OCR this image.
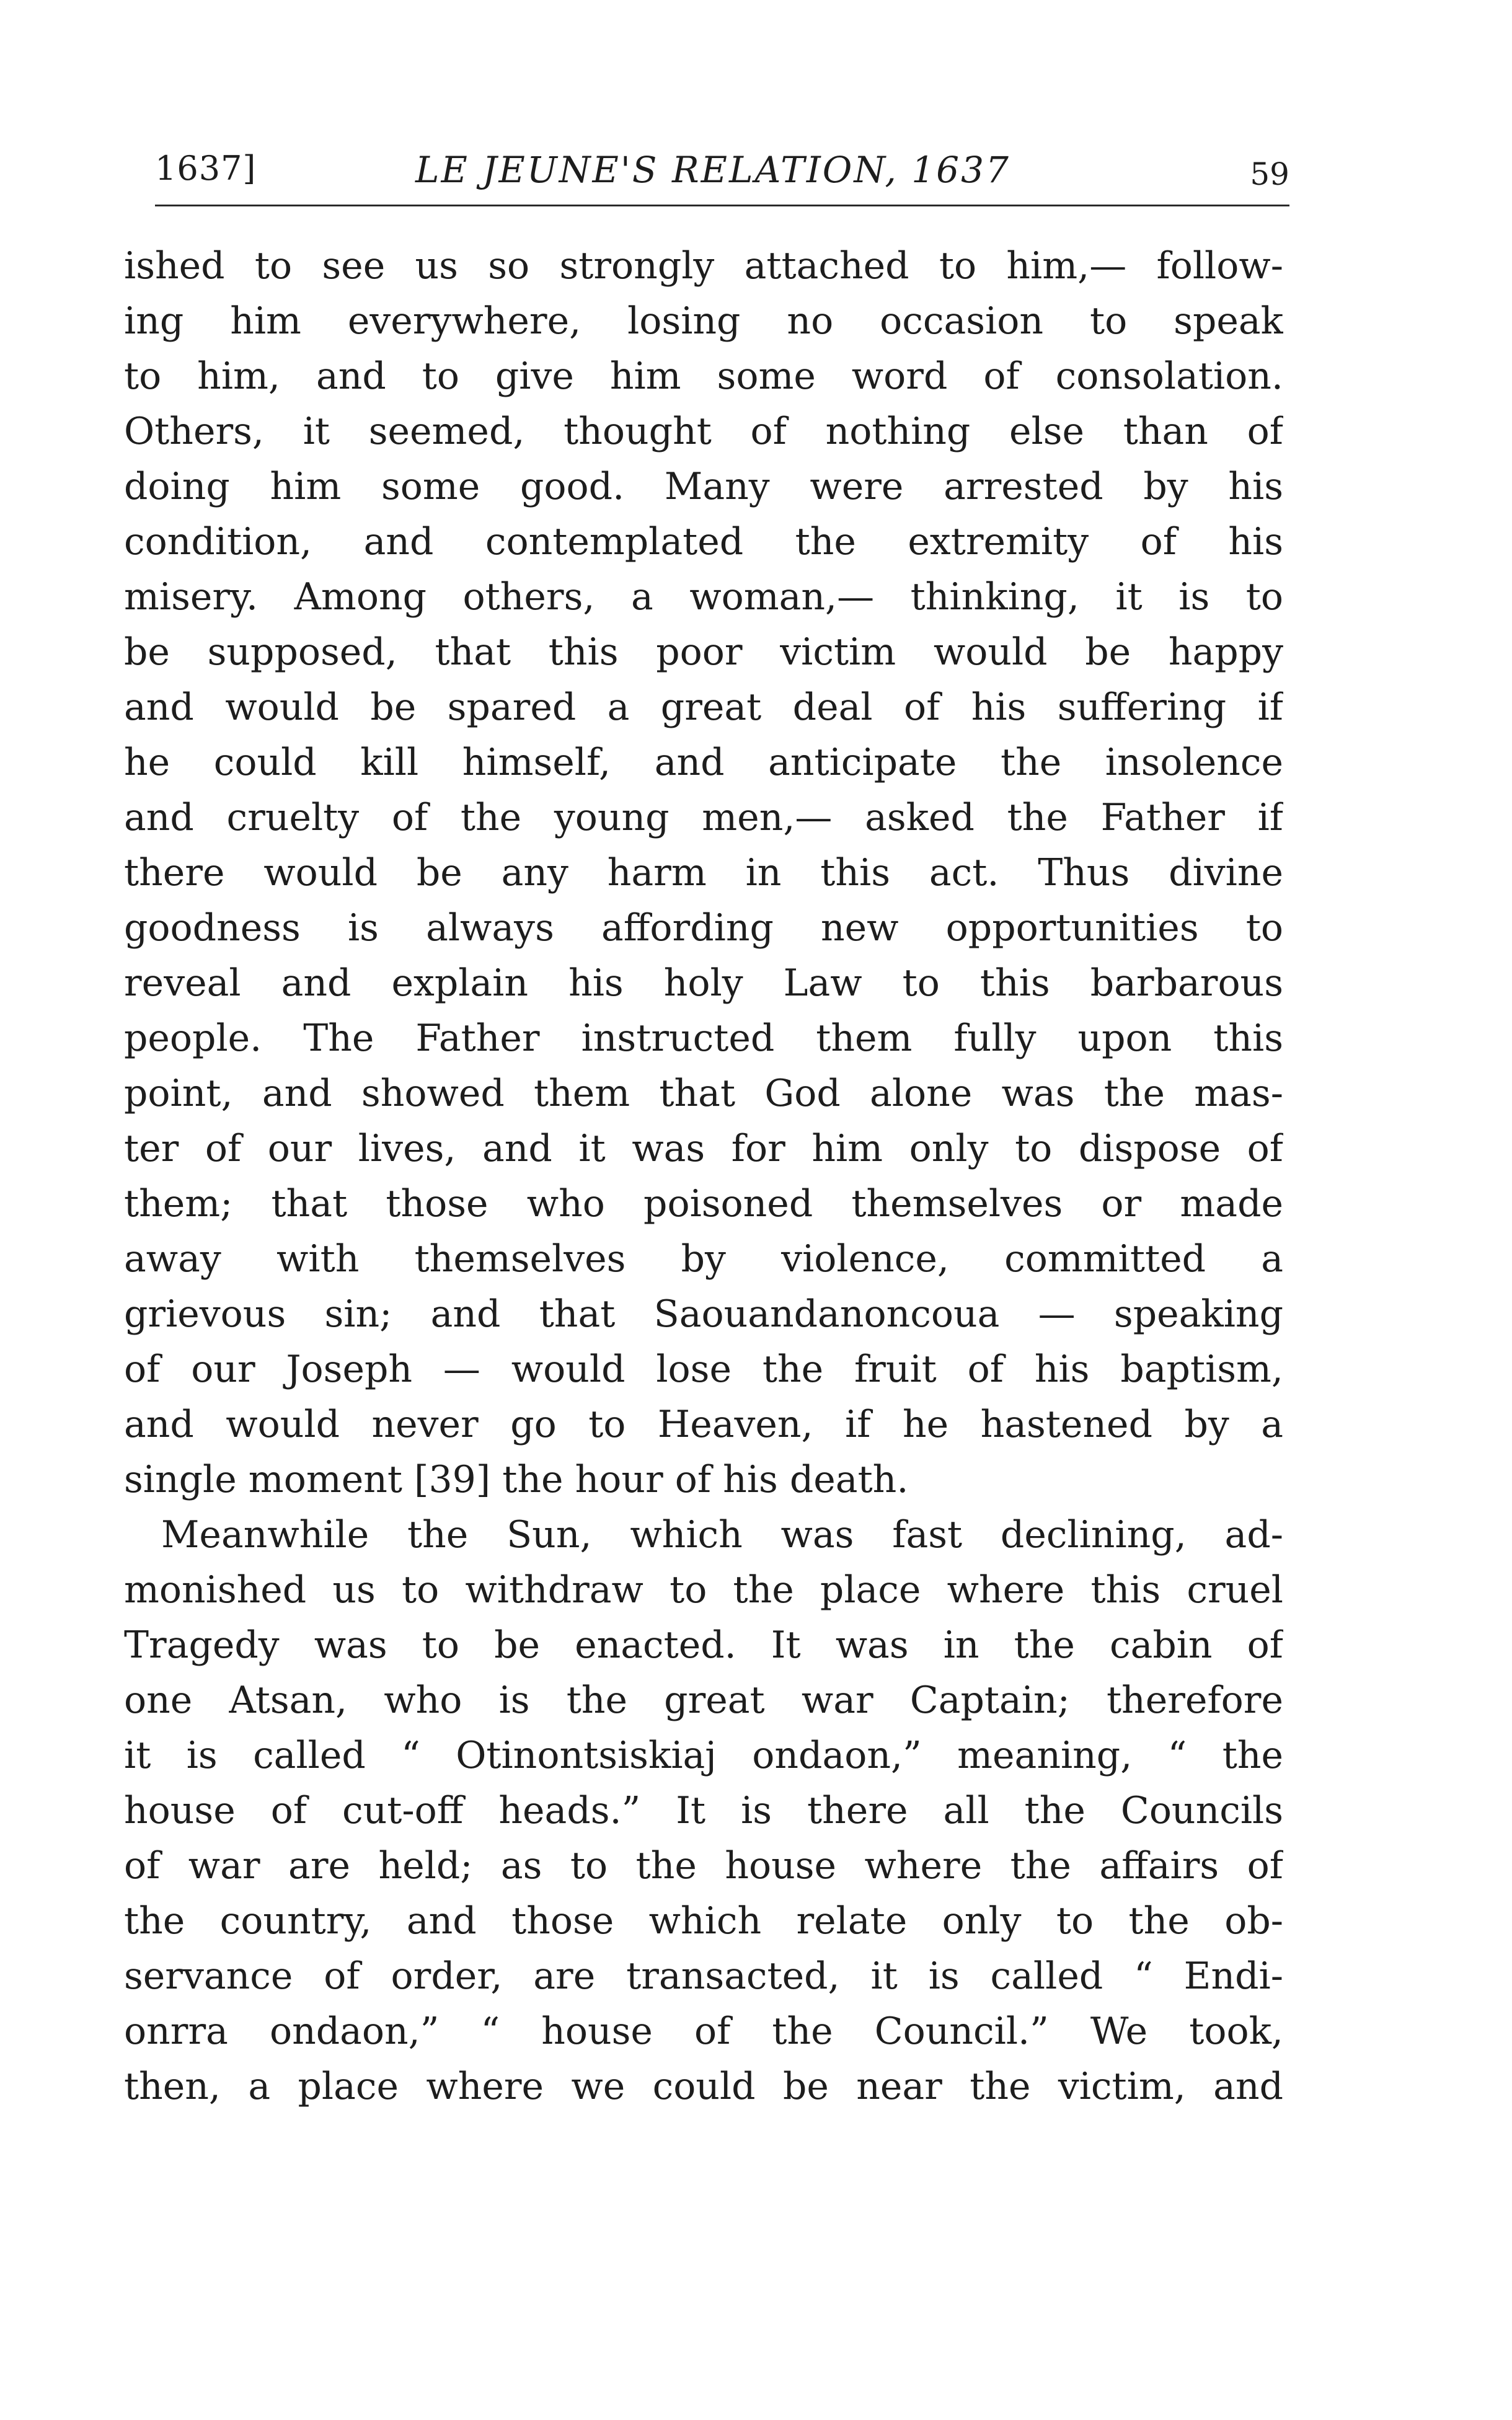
1637]	LE JEUNE'S RELATION, 1637	59
ished to see us so strongly attached to him,— follow-
ing him everywhere, losing no occasion to speak
to him, and to give him some word of consolation.
Others, it seemed, thought of nothing else than of
doing him some good. Many were arrested by his
condition, and contemplated the extremity of his
misery. Among others, a woman,— thinking, it is to
be supposed, that this poor victim would be happy
and would be spared a great deal of his suffering if
he could kill himself, and anticipate the insolence
and cruelty of the young men,— asked the Father if
there would be any harm in this act. Thus divine
goodness is always affording new opportunities to
reveal and explain his holy Law to this barbarous
people. The Father instructed them fully upon this
point, and showed them that God alone was the mas-
ter of our lives, and it was for him only to dispose of
them; that those who poisoned themselves or made
away with themselves by violence, committed a
grievous sin; and that Saouandanoncoua — speaking
of our Joseph — would lose the fruit of his baptism,
and would never go to Heaven, if he hastened by a
single moment [39] the hour of his death.
Meanwhile the Sun, which was fast declining, ad-
monished us to withdraw to the place where this cruel
Tragedy was to be enacted. It was in the cabin of
one Atsan, who is the great war Captain; therefore
it is called “ Otinontsiskiaj ondaon,” meaning, “ the
house of cut-off heads.” It is there all the Councils
of war are held; as to the house where the affairs of
the country, and those which relate only to the ob-
servance of order, are transacted, it is called “ Endi-
onrra ondaon,” “ house of the Council.” We took,
then, a place where we could be near the victim, and
